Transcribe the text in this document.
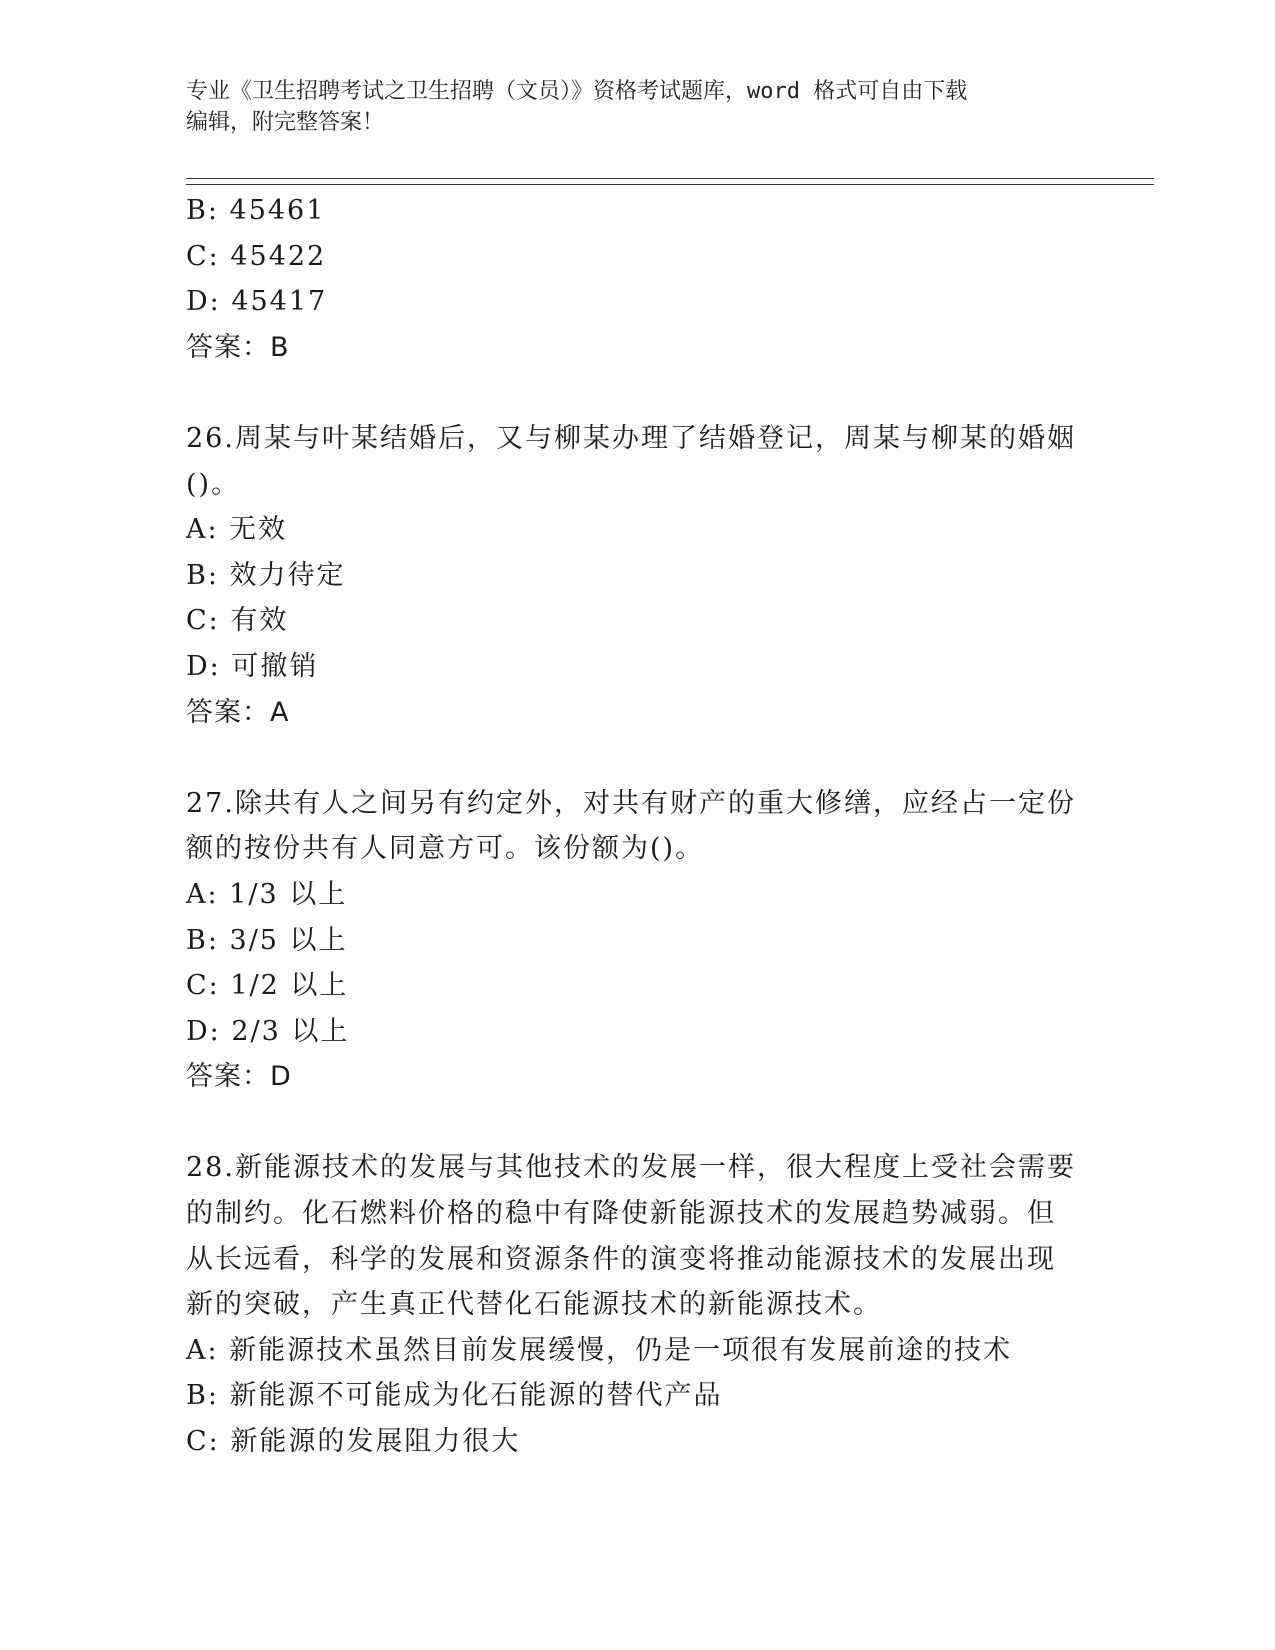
专业《卫生招聘考试之卫生招聘（文员）》资格考试题库，word 格式可自由下载
编辑，附完整答案！
B: 45461
C: 45422
D: 45417
答案：B
26.周某与叶某结婚后，又与柳某办理了结婚登记，周某与柳某的婚姻
()。
A: 无效
B: 效力待定
C: 有效
D: 可撤销
答案：A
27.除共有人之间另有约定外，对共有财产的重大修缮，应经占一定份
额的按份共有人同意方可。该份额为()。
A: 1/3 以上
B: 3/5 以上
C: 1/2 以上
D: 2/3 以上
答案：D
28.新能源技术的发展与其他技术的发展一样，很大程度上受社会需要
的制约。化石燃料价格的稳中有降使新能源技术的发展趋势减弱。但
从长远看，科学的发展和资源条件的演变将推动能源技术的发展出现
新的突破，产生真正代替化石能源技术的新能源技术。
A: 新能源技术虽然目前发展缓慢，仍是一项很有发展前途的技术
B: 新能源不可能成为化石能源的替代产品
C: 新能源的发展阻力很大
